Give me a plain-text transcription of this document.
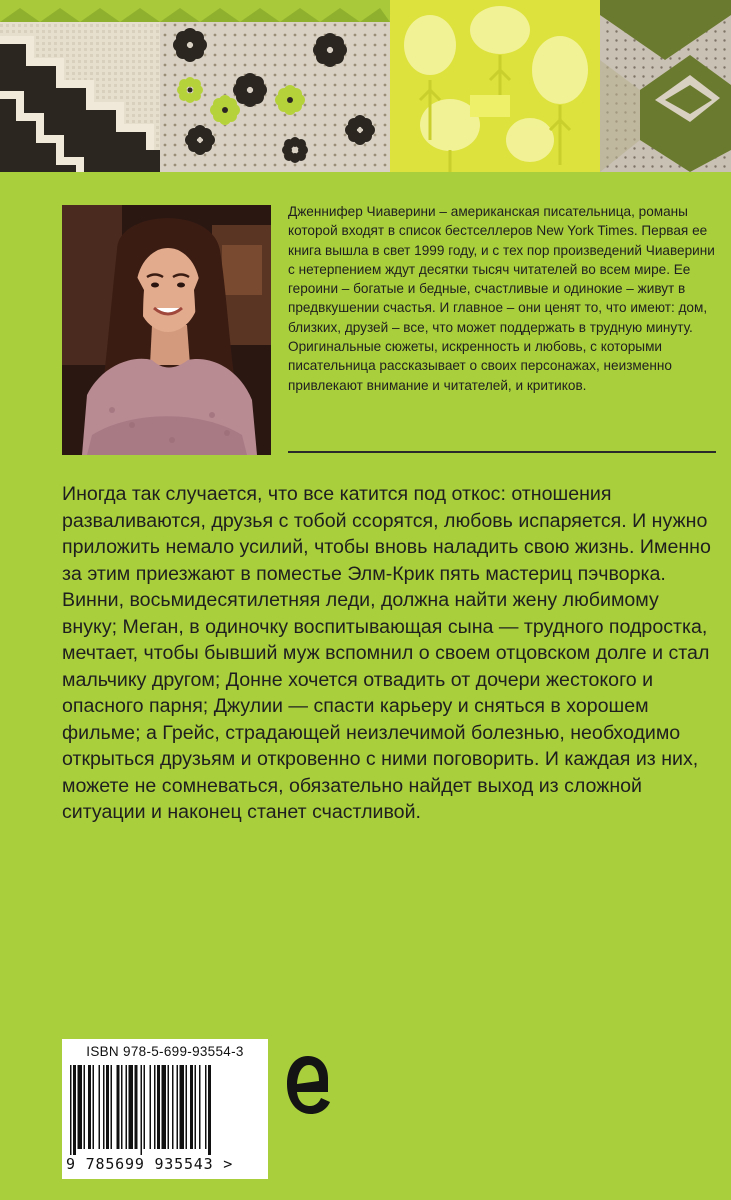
Дженнифер Чиаверини – американская писательница, романы которой входят в список бестселлеров New York Times. Первая ее книга вышла в свет 1999 году, и с тех пор произведений Чиаверини с нетерпением ждут десятки тысяч читателей во всем мире. Ее героини – богатые и бедные, счастливые и одинокие – живут в предвкушении счастья. И главное – они ценят то, что имеют: дом, близких, друзей – все, что может поддержать в трудную минуту. Оригинальные сюжеты, искренность и любовь, с которыми писательница рассказывает о своих персонажах, неизменно привлекают внимание и читателей, и критиков.
Иногда так случается, что все катится под откос: отношения разваливаются, друзья с тобой ссорятся, любовь испаряется. И нужно приложить немало усилий, чтобы вновь наладить свою жизнь. Именно за этим приезжают в поместье Элм-Крик пять мастериц пэчворка. Винни, восьмидесятилетняя леди, должна найти жену любимому внуку; Меган, в одиночку воспитывающая сына — трудного подростка, мечтает, чтобы бывший муж вспомнил о своем отцовском долге и стал мальчику другом; Донне хочется отвадить от дочери жестокого и опасного парня; Джулии — спасти карьеру и сняться в хорошем фильме; а Грейс, страдающей неизлечимой болезнью, необходимо открыться друзьям и откровенно с ними поговорить. И каждая из них, можете не сомневаться, обязательно найдет выход из сложной ситуации и наконец станет счастливой.
ISBN 978-5-699-93554-3
9 785699 935543 >
